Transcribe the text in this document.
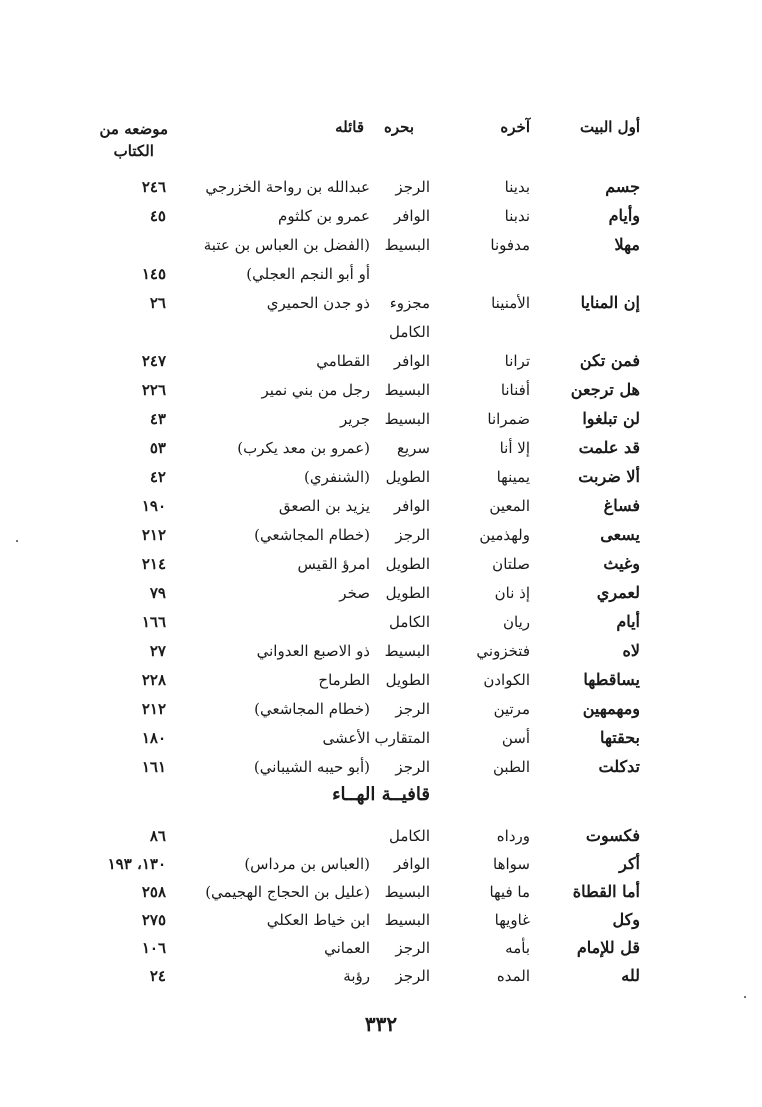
أول البيت
آخره
بحره
قائله
موضعه من
الكتاب
جسم
بدينا
الرجز
عبدالله بن رواحة الخزرجي
٢٤٦
وأيام
ندبنا
الوافر
عمرو بن كلثوم
٤٥
مهلا
مدفونا
البسيط
(الفضل بن العباس بن عتبة
أو أبو النجم العجلي)
١٤٥
إن المنايا
الأمنينا
مجزوء
ذو جدن الحميري
٢٦
الكامل
فمن تكن
ترانا
الوافر
القطامي
٢٤٧
هل ترجعن
أفنانا
البسيط
رجل من بني نمير
٢٢٦
لن تبلغوا
ضمرانا
البسيط
جرير
٤٣
قد علمت
إلا أنا
سريع
(عمرو بن معد يكرب)
٥٣
ألا ضربت
يمينها
الطويل
(الشنفري)
٤٢
فساغ
المعين
الوافر
يزيد بن الصعق
١٩٠
يسعى
ولهذمين
الرجز
(خطام المجاشعي)
٢١٢
وغيث
صلتان
الطويل
امرؤ القيس
٢١٤
لعمري
إذ نان
الطويل
صخر
٧٩
أيام
ريان
الكامل
١٦٦
لاه
فتخزوني
البسيط
ذو الاصبع العدواني
٢٧
يساقطها
الكوادن
الطويل
الطرماح
٢٢٨
ومهمهين
مرتين
الرجز
(خطام المجاشعي)
٢١٢
بحقتها
أسن
المتقارب
الأعشى
١٨٠
تدكلت
الطبن
الرجز
(أبو حيبه الشيباني)
١٦١
قافيــة الهــاء
فكسوت
ورداه
الكامل
٨٦
أكر
سواها
الوافر
(العباس بن مرداس)
١٣٠، ١٩٣
أما القطاة
ما فيها
البسيط
(عليل بن الحجاج الهجيمي)
٢٥٨
وكل
غاويها
البسيط
ابن خياط العكلي
٢٧٥
قل للإمام
بأمه
الرجز
العماني
١٠٦
لله
المده
الرجز
رؤبة
٢٤
٣٣٢
